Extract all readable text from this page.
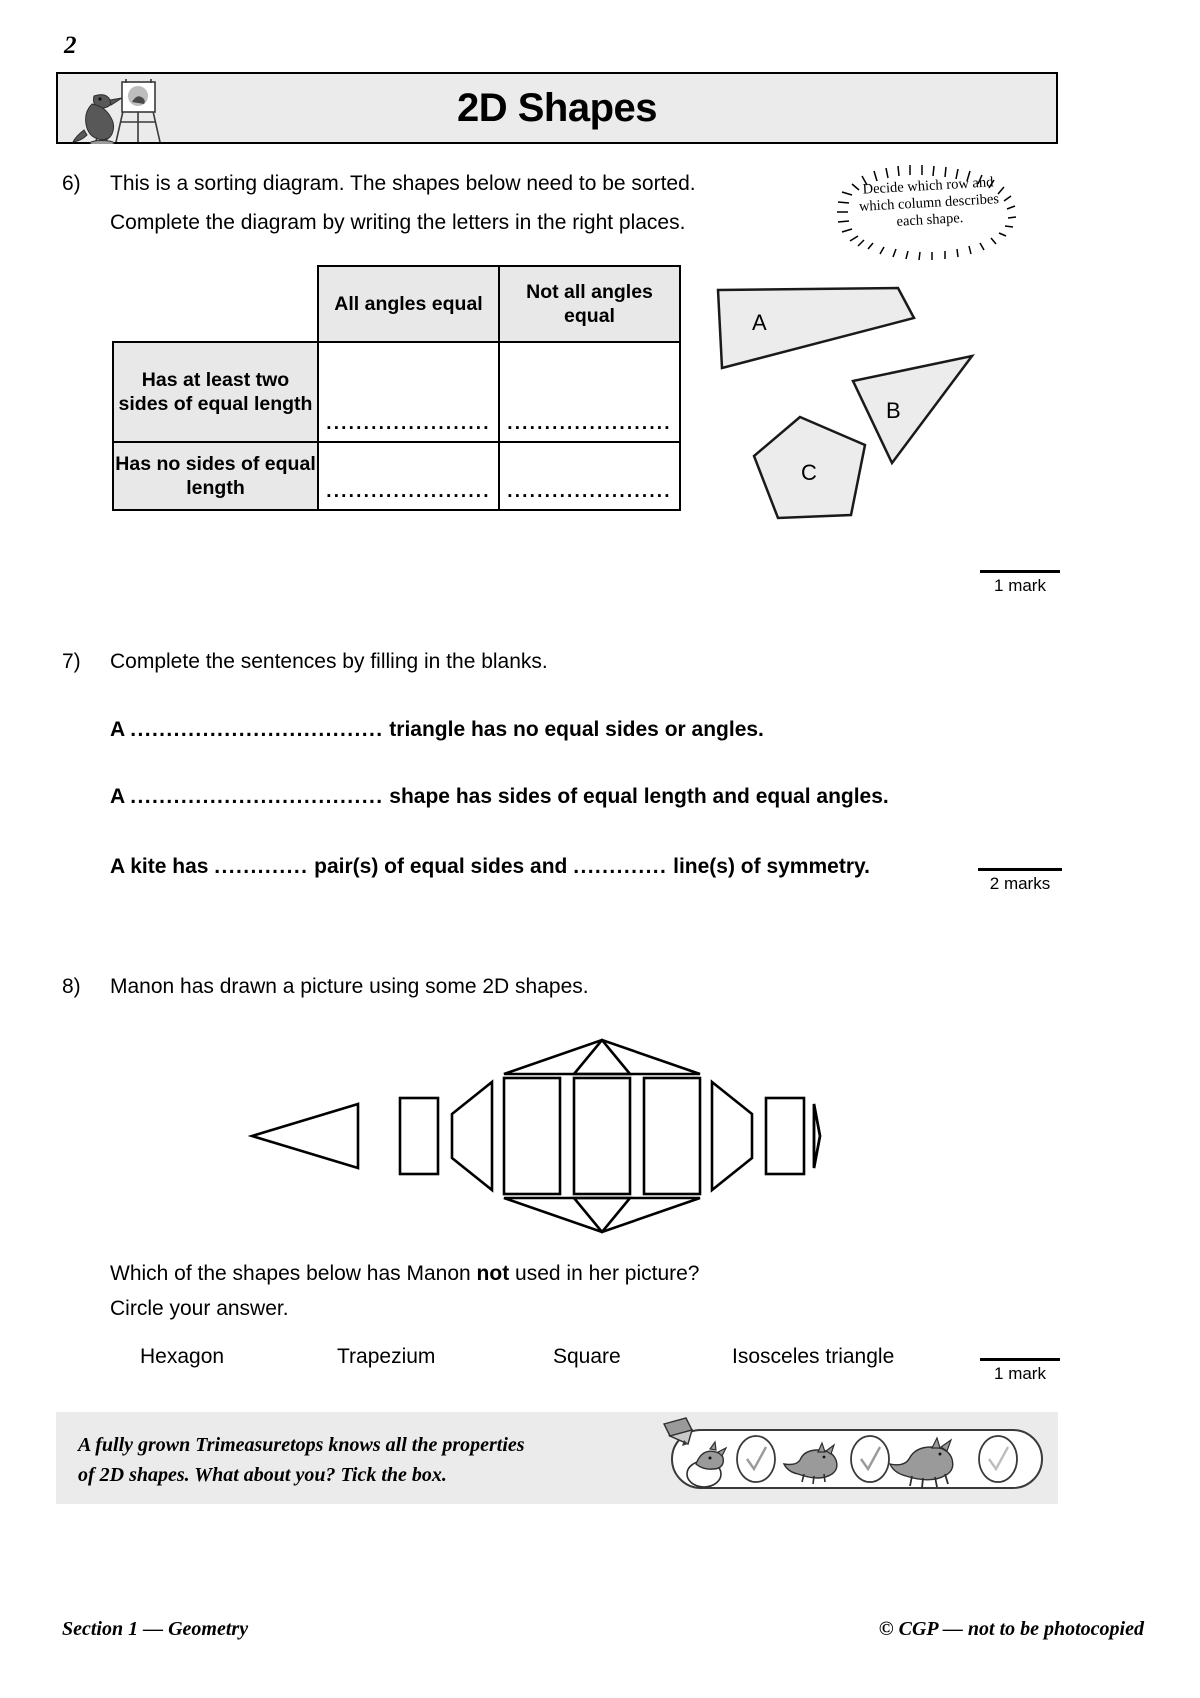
2
2D Shapes
6) This is a sorting diagram. The shapes below need to be sorted.
Complete the diagram by writing the letters in the right places.
Decide which row and which column describes each shape.
	All angles equal	Not all angles equal
Has at least two sides of equal length	......................	......................

Has no sides of equal length	......................	......................
A
B
C
1 mark
7) Complete the sentences by filling in the blanks.
A ................................... triangle has no equal sides or angles.
A ................................... shape has sides of equal length and equal angles.
A kite has ............. pair(s) of equal sides and ............. line(s) of symmetry.
2 marks
8) Manon has drawn a picture using some 2D shapes.
Which of the shapes below has Manon not used in her picture?
Circle your answer.
Hexagon	Trapezium	Square	Isosceles triangle
1 mark
A fully grown Trimeasuretops knows all the properties
of 2D shapes. What about you? Tick the box.
Section 1 — Geometry	© CGP — not to be photocopied
